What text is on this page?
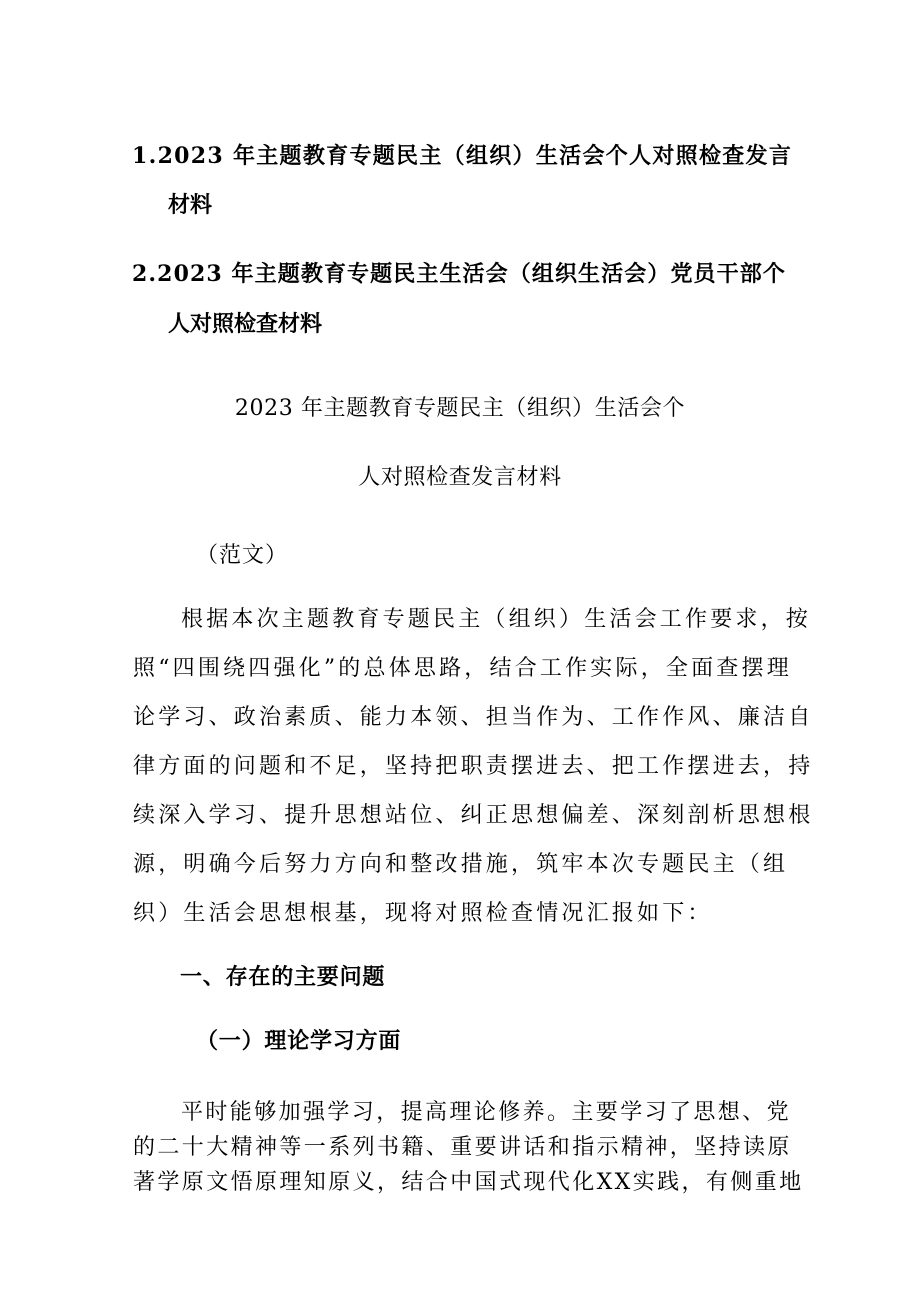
1.2023 年主题教育专题民主（组织）生活会个人对照检查发言
材料
2.2023 年主题教育专题民主生活会（组织生活会）党员干部个
人对照检查材料
2023 年主题教育专题民主（组织）生活会个
人对照检查发言材料
（范文）
根据本次主题教育专题民主（组织）生活会工作要求，按
照“四围绕四强化”的总体思路，结合工作实际，全面查摆理
论学习、政治素质、能力本领、担当作为、工作作风、廉洁自
律方面的问题和不足，坚持把职责摆进去、把工作摆进去，持
续深入学习、提升思想站位、纠正思想偏差、深刻剖析思想根
源，明确今后努力方向和整改措施，筑牢本次专题民主（组
织）生活会思想根基，现将对照检查情况汇报如下：
一、存在的主要问题
（一）理论学习方面
平时能够加强学习，提高理论修养。主要学习了思想、党
的二十大精神等一系列书籍、重要讲话和指示精神，坚持读原
著学原文悟原理知原义，结合中国式现代化XX实践，有侧重地
